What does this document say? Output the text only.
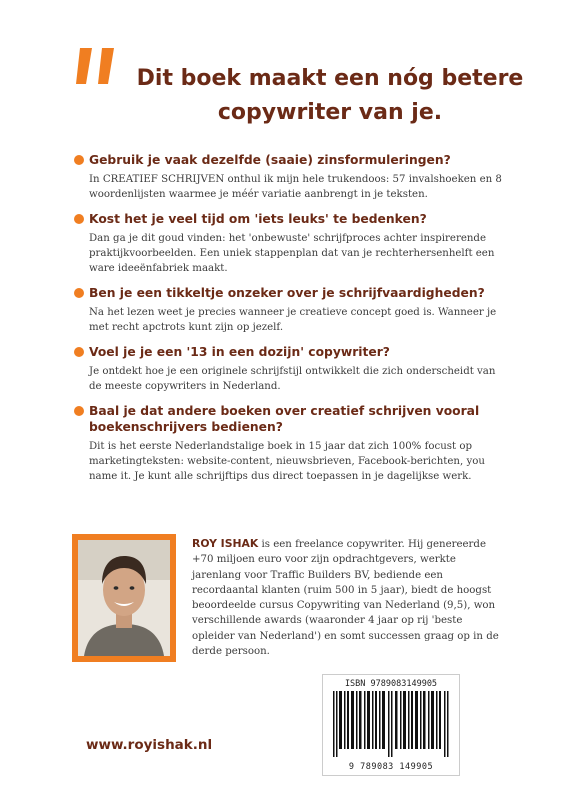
Dit boek maakt een nóg betere
copywriter van je.
Gebruik je vaak dezelfde (saaie) zinsformuleringen?
In CREATIEF SCHRIJVEN onthul ik mijn hele trukendoos: 57 invalshoeken en 8 woordenlijsten waarmee je méér variatie aanbrengt in je teksten.
Kost het je veel tijd om 'iets leuks' te bedenken?
Dan ga je dit goud vinden: het 'onbewuste' schrijfproces achter inspirerende praktijkvoorbeelden. Een uniek stappenplan dat van je rechterhersenhelft een ware ideeënfabriek maakt.
Ben je een tikkeltje onzeker over je schrijfvaardigheden?
Na het lezen weet je precies wanneer je creatieve concept goed is. Wanneer je met recht apctrots kunt zijn op jezelf.
Voel je je een '13 in een dozijn' copywriter?
Je ontdekt hoe je een originele schrijfstijl ontwikkelt die zich onderscheidt van de meeste copywriters in Nederland.
Baal je dat andere boeken over creatief schrijven vooral boekenschrijvers bedienen?
Dit is het eerste Nederlandstalige boek in 15 jaar dat zich 100% focust op marketingteksten: website-content, nieuwsbrieven, Facebook-berichten, you name it. Je kunt alle schrijftips dus direct toepassen in je dagelijkse werk.
ROY ISHAK is een freelance copywriter. Hij genereerde +70 miljoen euro voor zijn opdrachtgevers, werkte jarenlang voor Traffic Builders BV, bediende een recordaantal klanten (ruim 500 in 5 jaar), biedt de hoogst beoordeelde cursus Copywriting van Nederland (9,5), won verschillende awards (waaronder 4 jaar op rij 'beste opleider van Nederland') en somt successen graag op in de derde persoon.
www.royishak.nl
ISBN 9789083149905
9 789083 149905
